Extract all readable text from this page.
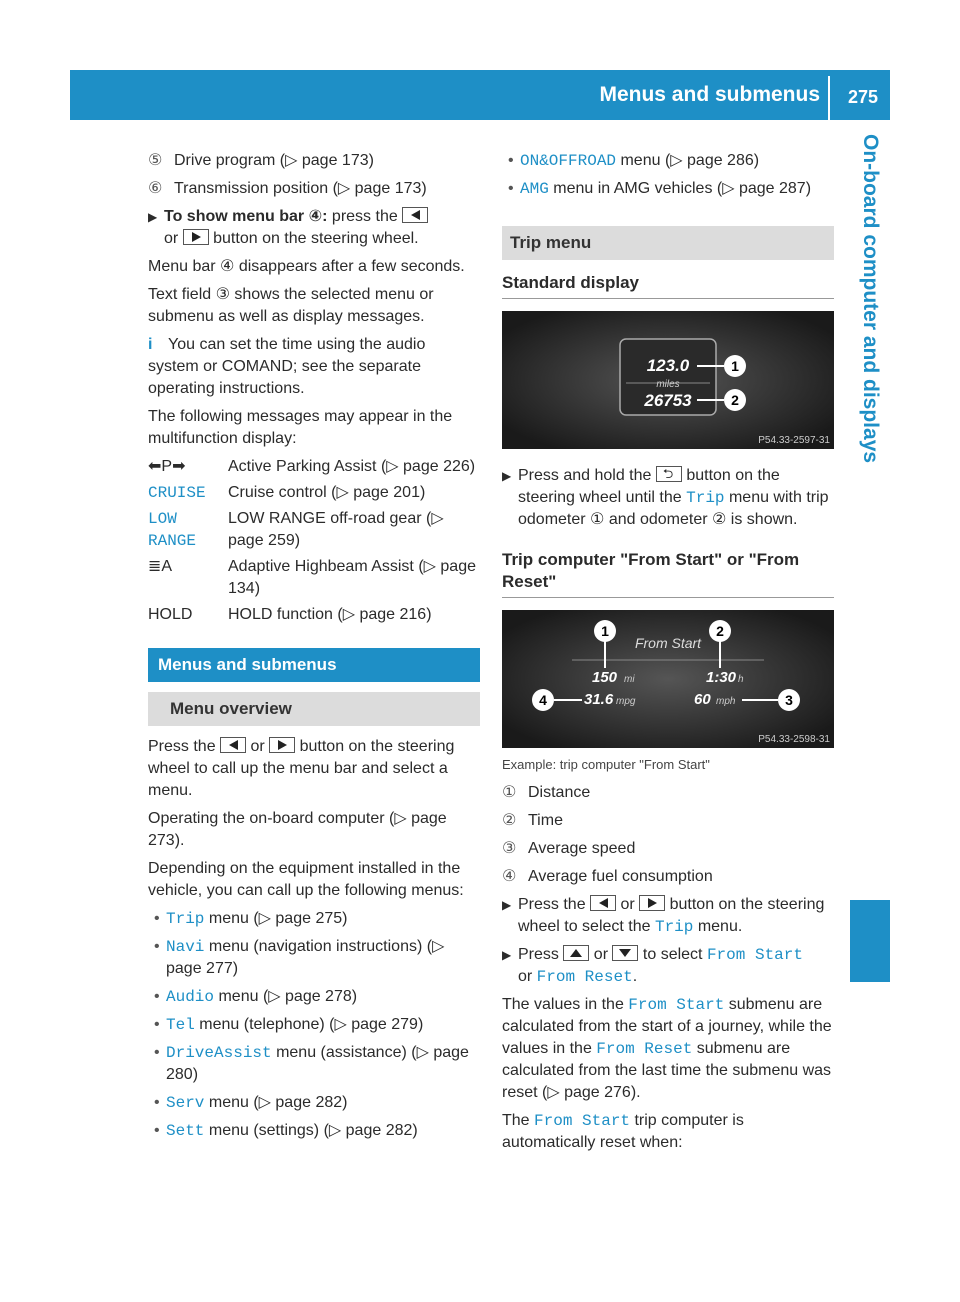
Menus and submenus 275
On-board computer and displays

⑤ Drive program (▷ page 173)

⑥ Transmission position (▷ page 173)

▶ To show menu bar ④: press the
or  button on the steering wheel.

Menu bar ④ disappears after a few seconds.

Text field ③ shows the selected menu or submenu as well as display messages.

i You can set the time using the audio system or COMAND; see the separate operating instructions.

The following messages may appear in the multifunction display:

⬅P➡	Active Parking Assist (▷ page 226)
CRUISE	Cruise control (▷ page 201)
LOW RANGE	LOW RANGE off-road gear (▷ page 259)
≣A	Adaptive Highbeam Assist (▷ page 134)
HOLD	HOLD function (▷ page 216)
Menus and submenus
Menu overview

Press the  or  button on the steering wheel to call up the menu bar and select a menu.

Operating the on-board computer (▷ page 273).

Depending on the equipment installed in the vehicle, you can call up the following menus:

• Trip menu (▷ page 275)
• Navi menu (navigation instructions) (▷ page 277)
• Audio menu (▷ page 278)
• Tel menu (telephone) (▷ page 279)
• DriveAssist menu (assistance) (▷ page 280)
• Serv menu (▷ page 282)
• Sett menu (settings) (▷ page 282)
• ON&OFFROAD menu (▷ page 286)
• AMG menu in AMG vehicles (▷ page 287)
Trip menu
Standard display
123.0
miles
26753
1
2
P54.33-2597-31

▶ Press and hold the ⮌ button on the steering wheel until the Trip menu with trip odometer ① and odometer ② is shown.

Trip computer "From Start" or "From Reset"
From Start
150 mi	1:30 h
31.6 mpg	60 mph
1	2
3
4
P54.33-2598-31

Example: trip computer "From Start"

① Distance

② Time

③ Average speed

④ Average fuel consumption

▶ Press the  or  button on the steering wheel to select the Trip menu.

▶ Press  or  to select From Start
or From Reset.

The values in the From Start submenu are calculated from the start of a journey, while the values in the From Reset submenu are calculated from the last time the submenu was reset (▷ page 276).

The From Start trip computer is automatically reset when:
